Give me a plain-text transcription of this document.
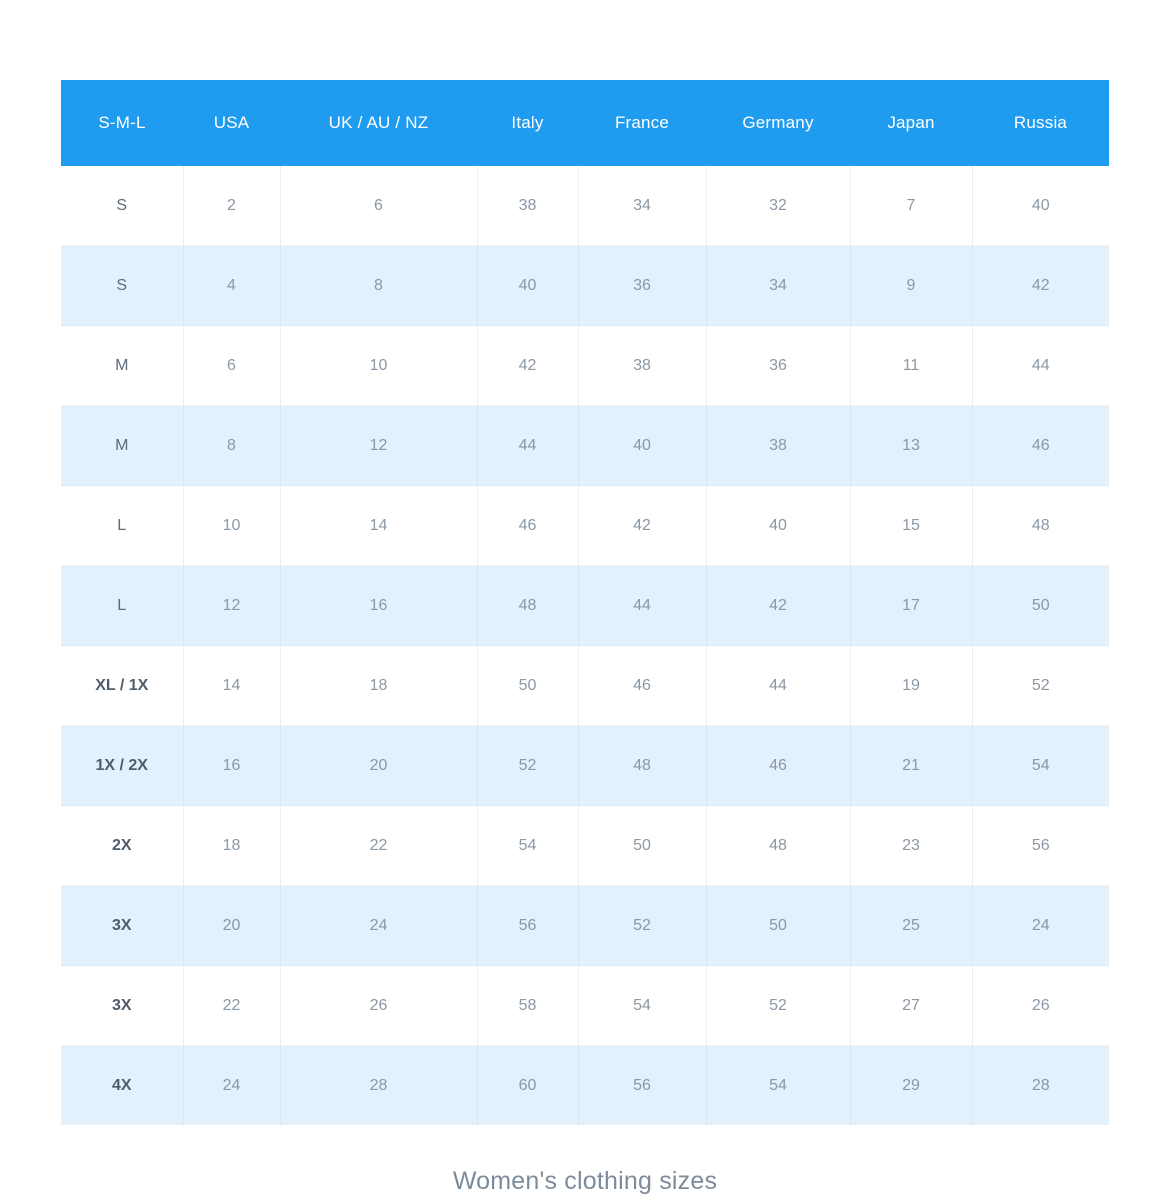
S-M-L	USA	UK / AU / NZ	Italy	France	Germany	Japan	Russia
S	2	6	38	34	32	7	40
S	4	8	40	36	34	9	42
M	6	10	42	38	36	11	44
M	8	12	44	40	38	13	46
L	10	14	46	42	40	15	48
L	12	16	48	44	42	17	50
XL / 1X	14	18	50	46	44	19	52
1X / 2X	16	20	52	48	46	21	54
2X	18	22	54	50	48	23	56
3X	20	24	56	52	50	25	24
3X	22	26	58	54	52	27	26
4X	24	28	60	56	54	29	28
Women's clothing sizes
